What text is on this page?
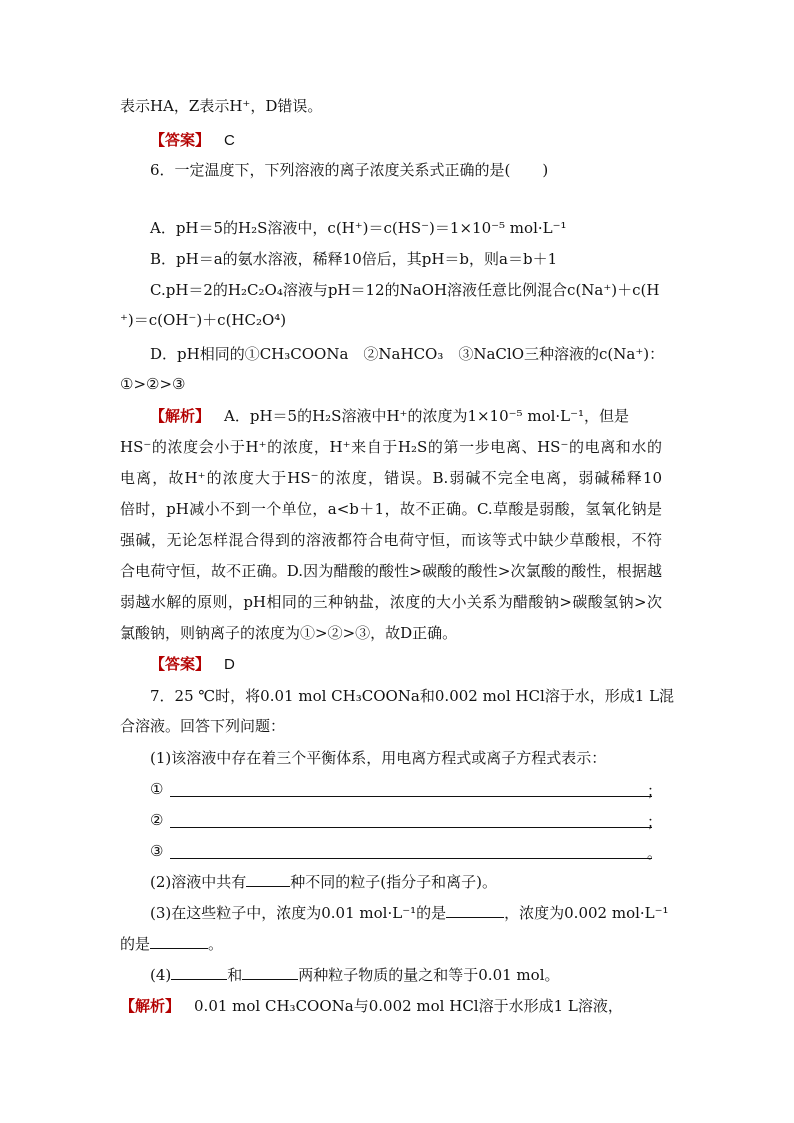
表示HA，Z表示H⁺，D错误。
【答案】 C
6．一定温度下，下列溶液的离子浓度关系式正确的是( )
A．pH＝5的H₂S溶液中，c(H⁺)＝c(HS⁻)＝1×10⁻⁵ mol·L⁻¹
B．pH＝a的氨水溶液，稀释10倍后，其pH＝b，则a＝b＋1
C.pH＝2的H₂C₂O₄溶液与pH＝12的NaOH溶液任意比例混合c(Na⁺)＋c(H
⁺)＝c(OH⁻)＋c(HC₂O⁴)
D．pH相同的①CH₃COONa　②NaHCO₃　③NaClO三种溶液的c(Na⁺)：
①>②>③
【解析】 A．pH＝5的H₂S溶液中H⁺的浓度为1×10⁻⁵ mol·L⁻¹，但是
HS⁻的浓度会小于H⁺的浓度，H⁺来自于H₂S的第一步电离、HS⁻的电离和水的
电离，故H⁺的浓度大于HS⁻的浓度，错误。B.弱碱不完全电离，弱碱稀释10
倍时，pH减小不到一个单位，a<b＋1，故不正确。C.草酸是弱酸，氢氧化钠是
强碱，无论怎样混合得到的溶液都符合电荷守恒，而该等式中缺少草酸根，不符
合电荷守恒，故不正确。D.因为醋酸的酸性>碳酸的酸性>次氯酸的酸性，根据越
弱越水解的原则，pH相同的三种钠盐，浓度的大小关系为醋酸钠>碳酸氢钠>次
氯酸钠，则钠离子的浓度为①>②>③，故D正确。
【答案】 D
7．25 ℃时，将0.01 mol CH₃COONa和0.002 mol HCl溶于水，形成1 L混
合溶液。回答下列问题：
(1)该溶液中存在着三个平衡体系，用电离方程式或离子方程式表示：
①	；
②	；
③	。
(2)溶液中共有	种不同的粒子(指分子和离子)。
(3)在这些粒子中，浓度为0.01 mol·L⁻¹的是	，浓度为0.002 mol·L⁻¹
的是	。
(4)	和	两种粒子物质的量之和等于0.01 mol。
【解析】 0.01 mol CH₃COONa与0.002 mol HCl溶于水形成1 L溶液，
